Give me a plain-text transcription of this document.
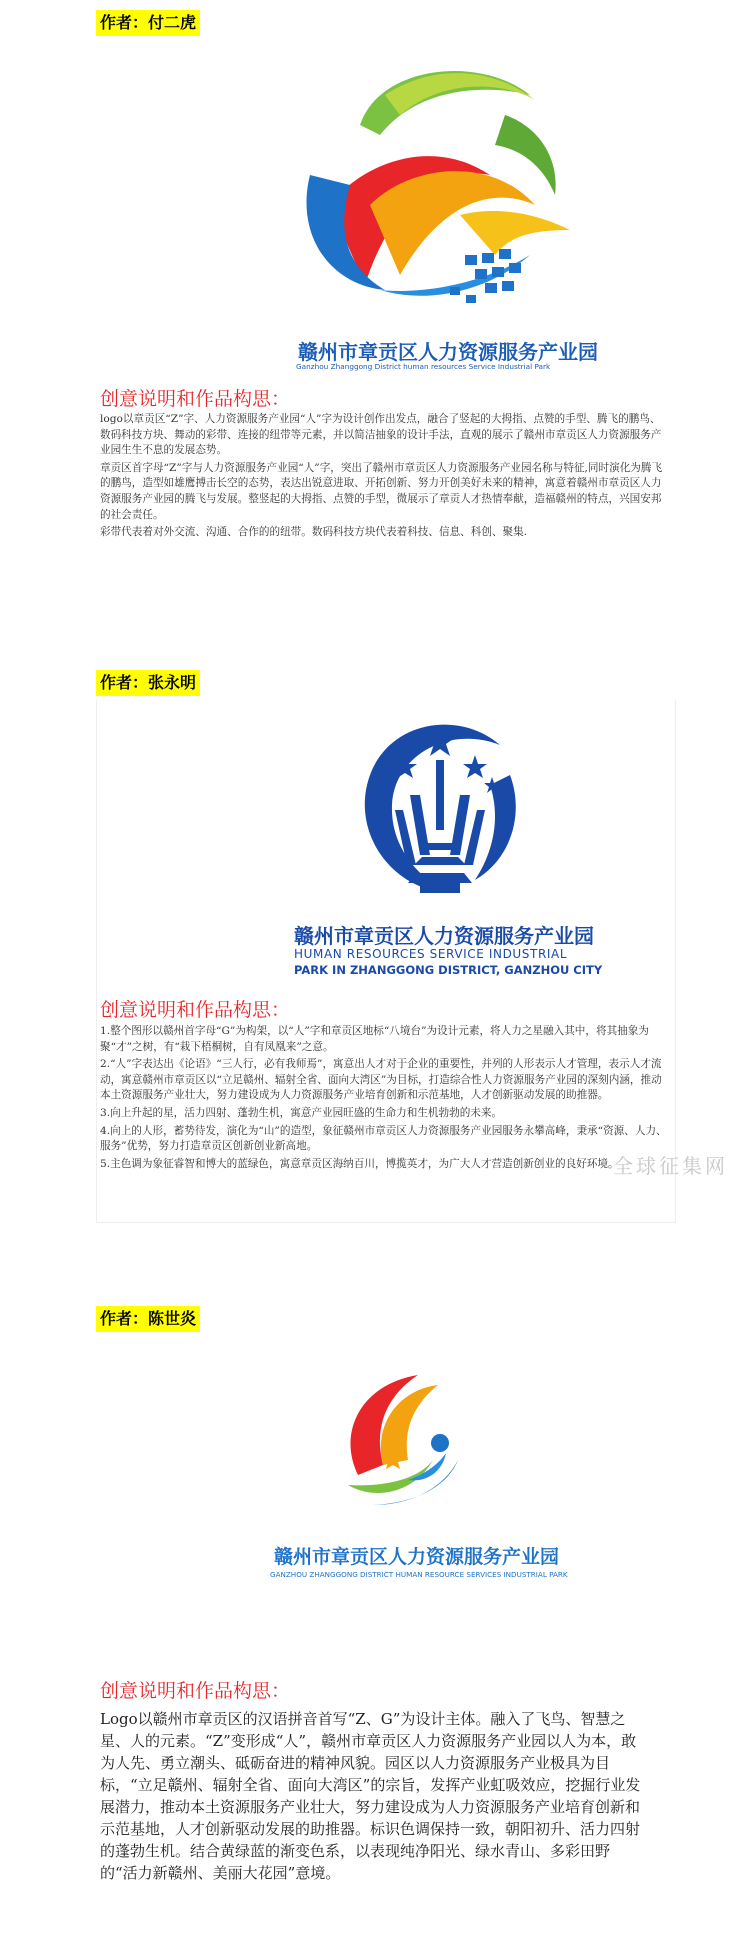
作者：付二虎
赣州市章贡区人力资源服务产业园
Ganzhou Zhanggong District human resources Service Industrial Park
创意说明和作品构思：

logo以章贡区“Z”字、人力资源服务产业园“人”字为设计创作出发点，融合了竖起的大拇指、点赞的手型、腾飞的鹏鸟、数码科技方块、舞动的彩带、连接的纽带等元素，并以简洁抽象的设计手法，直观的展示了赣州市章贡区人力资源服务产业园生生不息的发展态势。

章贡区首字母“Z”字与人力资源服务产业园“人”字，突出了赣州市章贡区人力资源服务产业园名称与特征,同时演化为腾飞的鹏鸟，造型如雄鹰搏击长空的态势，表达出锐意进取、开拓创新、努力开创美好未来的精神，寓意着赣州市章贡区人力资源服务产业园的腾飞与发展。整竖起的大拇指、点赞的手型，微展示了章贡人才热情奉献，造福赣州的特点，兴国安邦的社会责任。

彩带代表着对外交流、沟通、合作的的纽带。数码科技方块代表着科技、信息、科创、聚集.

作者：张永明
赣州市章贡区人力资源服务产业园
HUMAN RESOURCES SERVICE INDUSTRIAL
PARK IN ZHANGGONG DISTRICT, GANZHOU CITY
创意说明和作品构思：

1.整个图形以赣州首字母“G”为构架，以“人”字和章贡区地标“八境台”为设计元素，将人力之星融入其中，将其抽象为聚“才”之树，有“栽下梧桐树，自有凤凰来”之意。

2.“人”字表达出《论语》“三人行，必有我师焉”，寓意出人才对于企业的重要性，并列的人形表示人才管理，表示人才流动，寓意赣州市章贡区以“立足赣州、辐射全省、面向大湾区”为目标，打造综合性人力资源服务产业园的深刻内涵，推动本土资源服务产业壮大，努力建设成为人力资源服务产业培育创新和示范基地，人才创新驱动发展的助推器。

3.向上升起的星，活力四射、蓬勃生机，寓意产业园旺盛的生命力和生机勃勃的未来。

4.向上的人形，蓄势待发，演化为“山”的造型，象征赣州市章贡区人力资源服务产业园服务永攀高峰，秉承“资源、人力、服务”优势，努力打造章贡区创新创业新高地。

5.主色调为象征睿智和博大的蓝绿色，寓意章贡区海纳百川，博揽英才，为广大人才营造创新创业的良好环境。

全球征集网
作者：陈世炎
赣州市章贡区人力资源服务产业园
GANZHOU ZHANGGONG DISTRICT HUMAN RESOURCE SERVICES INDUSTRIAL PARK
创意说明和作品构思：

Logo以赣州市章贡区的汉语拼音首写“Z、G”为设计主体。融入了飞鸟、智慧之星、人的元素。“Z”变形成“人”，赣州市章贡区人力资源服务产业园以人为本，敢为人先、勇立潮头、砥砺奋进的精神风貌。园区以人力资源服务产业极具为目标，“立足赣州、辐射全省、面向大湾区”的宗旨，发挥产业虹吸效应，挖掘行业发展潜力，推动本土资源服务产业壮大，努力建设成为人力资源服务产业培育创新和示范基地，人才创新驱动发展的助推器。标识色调保持一致，朝阳初升、活力四射的蓬勃生机。结合黄绿蓝的渐变色系，以表现纯净阳光、绿水青山、多彩田野的“活力新赣州、美丽大花园”意境。
